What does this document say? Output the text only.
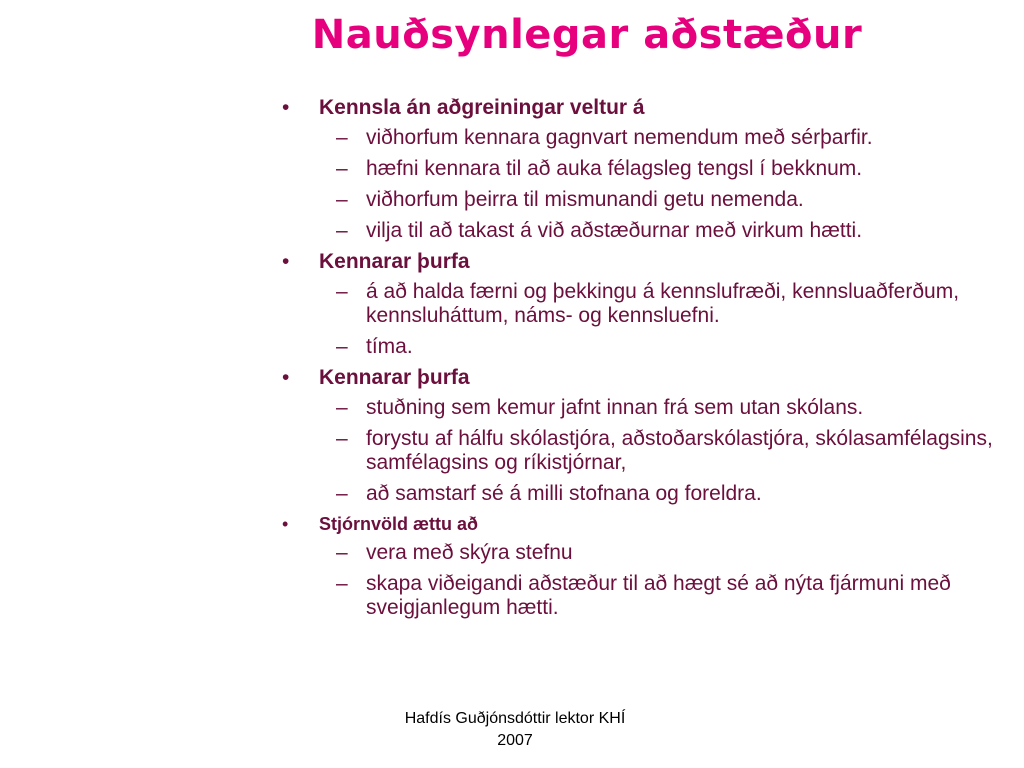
Nauðsynlegar aðstæður
• Kennsla án aðgreiningar veltur á
– viðhorfum kennara gagnvart nemendum með sérþarfir.
– hæfni kennara til að auka félagsleg tengsl í bekknum.
– viðhorfum þeirra til mismunandi getu nemenda.
– vilja til að takast á við aðstæðurnar með virkum hætti.
• Kennarar þurfa
– á að halda færni og þekkingu á kennslufræði, kennsluaðferðum, kennsluháttum, náms- og kennsluefni.
– tíma.
• Kennarar þurfa
– stuðning sem kemur jafnt innan frá sem utan skólans.
– forystu af hálfu skólastjóra, aðstoðarskólastjóra, skólasamfélagsins, samfélagsins og ríkistjórnar,
– að samstarf sé á milli stofnana og foreldra.
• Stjórnvöld ættu að
– vera með skýra stefnu
– skapa viðeigandi aðstæður til að hægt sé að nýta fjármuni með sveigjanlegum hætti.
Hafdís Guðjónsdóttir lektor KHÍ
2007
